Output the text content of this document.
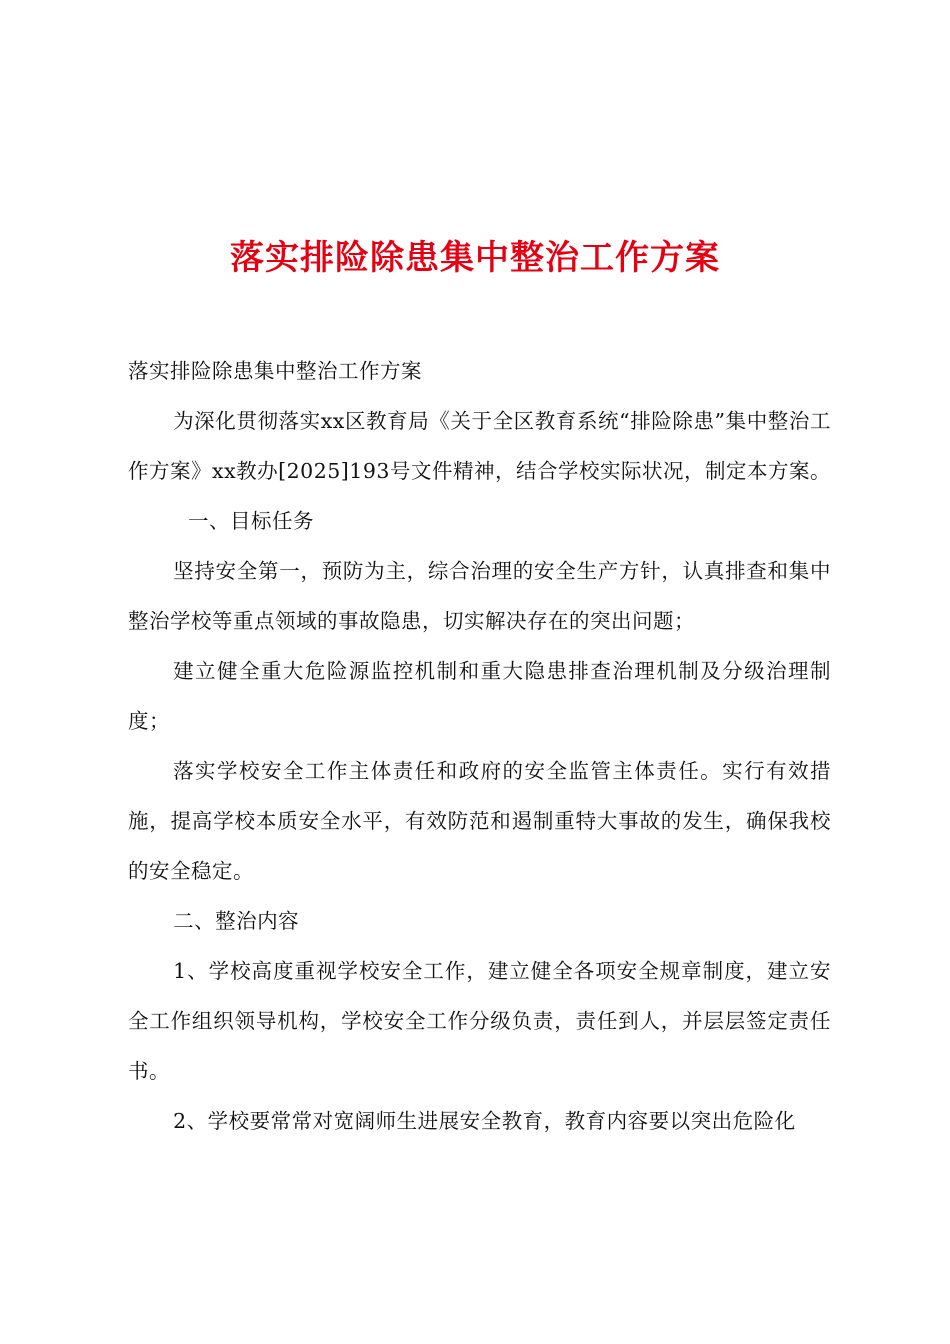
落实排险除患集中整治工作方案

落实排险除患集中整治工作方案

为深化贯彻落实xx区教育局《关于全区教育系统“排险除患”集中整治工作方案》xx教办[2025]193号文件精神，结合学校实际状况，制定本方案。一、目标任务

坚持安全第一，预防为主，综合治理的安全生产方针，认真排查和集中整治学校等重点领域的事故隐患，切实解决存在的突出问题；

建立健全重大危险源监控机制和重大隐患排查治理机制及分级治理制度；

落实学校安全工作主体责任和政府的安全监管主体责任。实行有效措施，提高学校本质安全水平，有效防范和遏制重特大事故的发生，确保我校的安全稳定。

二、整治内容

1、学校高度重视学校安全工作，建立健全各项安全规章制度，建立安全工作组织领导机构，学校安全工作分级负责，责任到人，并层层签定责任书。

2、学校要常常对宽阔师生进展安全教育，教育内容要以突出危险化
